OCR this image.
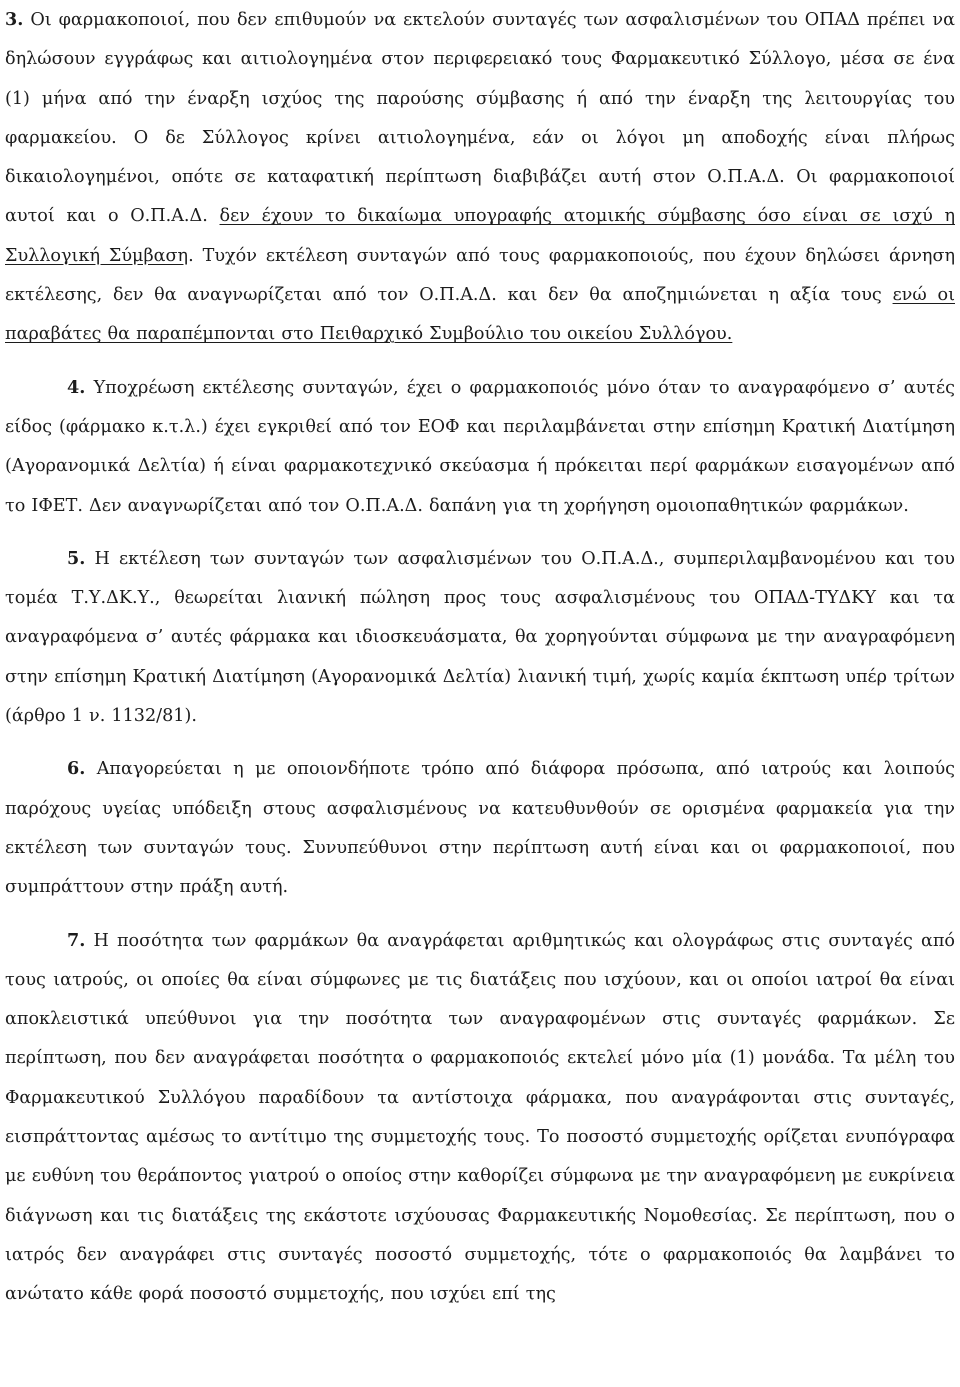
3. Οι φαρμακοποιοί, που δεν επιθυμούν να εκτελούν συνταγές των ασφαλισμένων του ΟΠΑΔ πρέπει να δηλώσουν εγγράφως και αιτιολογημένα στον περιφερειακό τους Φαρμακευτικό Σύλλογο, μέσα σε ένα (1) μήνα από την έναρξη ισχύος της παρούσης σύμβασης ή από την έναρξη της λειτουργίας του φαρμακείου. Ο δε Σύλλογος κρίνει αιτιολογημένα, εάν οι λόγοι μη αποδοχής είναι πλήρως δικαιολογημένοι, οπότε σε καταφατική περίπτωση διαβιβάζει αυτή στον Ο.Π.Α.Δ. Οι φαρμακοποιοί αυτοί και ο Ο.Π.Α.Δ. δεν έχουν το δικαίωμα υπογραφής ατομικής σύμβασης όσο είναι σε ισχύ η Συλλογική Σύμβαση. Τυχόν εκτέλεση συνταγών από τους φαρμακοποιούς, που έχουν δηλώσει άρνηση εκτέλεσης, δεν θα αναγνωρίζεται από τον Ο.Π.Α.Δ. και δεν θα αποζημιώνεται η αξία τους ενώ οι παραβάτες θα παραπέμπονται στο Πειθαρχικό Συμβούλιο του οικείου Συλλόγου.

4. Υποχρέωση εκτέλεσης συνταγών, έχει ο φαρμακοποιός μόνο όταν το αναγραφόμενο σ’ αυτές είδος (φάρμακο κ.τ.λ.) έχει εγκριθεί από τον ΕΟΦ και περιλαμβάνεται στην επίσημη Κρατική Διατίμηση (Αγορανομικά Δελτία) ή είναι φαρμακοτεχνικό σκεύασμα ή πρόκειται περί φαρμάκων εισαγομένων από το ΙΦΕΤ. Δεν αναγνωρίζεται από τον Ο.Π.Α.Δ. δαπάνη για τη χορήγηση ομοιοπαθητικών φαρμάκων.

5. Η εκτέλεση των συνταγών των ασφαλισμένων του Ο.Π.Α.Δ., συμπεριλαμβανομένου και του τομέα Τ.Υ.ΔΚ.Υ., θεωρείται λιανική πώληση προς τους ασφαλισμένους του ΟΠΑΔ-ΤΥΔΚΥ και τα αναγραφόμενα σ’ αυτές φάρμακα και ιδιοσκευάσματα, θα χορηγούνται σύμφωνα με την αναγραφόμενη στην επίσημη Κρατική Διατίμηση (Αγορανομικά Δελτία) λιανική τιμή, χωρίς καμία έκπτωση υπέρ τρίτων (άρθρο 1 ν. 1132/81).

6. Απαγορεύεται η με οποιονδήποτε τρόπο από διάφορα πρόσωπα, από ιατρούς και λοιπούς παρόχους υγείας υπόδειξη στους ασφαλισμένους να κατευθυνθούν σε ορισμένα φαρμακεία για την εκτέλεση των συνταγών τους. Συνυπεύθυνοι στην περίπτωση αυτή είναι και οι φαρμακοποιοί, που συμπράττουν στην πράξη αυτή.

7. Η ποσότητα των φαρμάκων θα αναγράφεται αριθμητικώς και ολογράφως στις συνταγές από τους ιατρούς, οι οποίες θα είναι σύμφωνες με τις διατάξεις που ισχύουν, και οι οποίοι ιατροί θα είναι αποκλειστικά υπεύθυνοι για την ποσότητα των αναγραφομένων στις συνταγές φαρμάκων. Σε περίπτωση, που δεν αναγράφεται ποσότητα ο φαρμακοποιός εκτελεί μόνο μία (1) μονάδα. Τα μέλη του Φαρμακευτικού Συλλόγου παραδίδουν τα αντίστοιχα φάρμακα, που αναγράφονται στις συνταγές, εισπράττοντας αμέσως το αντίτιμο της συμμετοχής τους. Το ποσοστό συμμετοχής ορίζεται ενυπόγραφα με ευθύνη του θεράποντος γιατρού ο οποίος στην καθορίζει σύμφωνα με την αναγραφόμενη με ευκρίνεια διάγνωση και τις διατάξεις της εκάστοτε ισχύουσας Φαρμακευτικής Νομοθεσίας. Σε περίπτωση, που ο ιατρός δεν αναγράφει στις συνταγές ποσοστό συμμετοχής, τότε ο φαρμακοποιός θα λαμβάνει το ανώτατο κάθε φορά ποσοστό συμμετοχής, που ισχύει επί της
